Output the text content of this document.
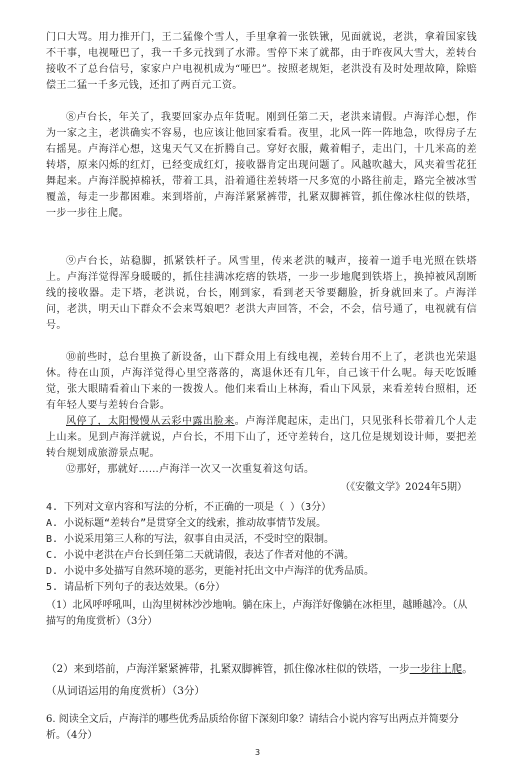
门口大骂。用力推开门，王二猛像个雪人，手里拿着一张铁锹，见面就说，老洪，拿着国家钱不干事，电视哑巴了，我一千多元找到了水滞。雪停下来了就都，由于昨夜风大雪大，差转台接收不了总台信号，家家户户电视机成为“哑巴”。按照老规矩，老洪没有及时处理故障，除赔偿王二猛一千多元钱，还扣了两百元工资。

⑧卢台长，年关了，我要回家办点年货呢。刚到任第二天，老洪来请假。卢海洋心想，作为一家之主，老洪确实不容易，也应该让他回家看看。夜里，北风一阵一阵地急，吹得房子左右摇晃。卢海洋心想，这鬼天气又在折腾自己。穿好衣服，戴着帽子，走出门，十几米高的差转塔，原来闪烁的红灯，已经变成红灯，接收器肯定出现问题了。风越吹越大，风夹着雪花狂舞起来。卢海洋脱掉棉袄，带着工具，沿着通往差转塔一尺多宽的小路往前走，路完全被冰雪覆盖，每走一步都困难。来到塔前，卢海洋紧紧裤带，扎紧双脚裤管，抓住像冰柱似的铁塔，一步一步往上爬。

⑨卢台长，站稳脚，抓紧铁杆子。风雪里，传来老洪的喊声，接着一道手电光照在铁塔上。卢海洋觉得浑身暖暖的，抓住挂满冰疙瘩的铁塔，一步一步地爬到铁塔上，换掉被风刮断线的接收器。走下塔，老洪说，台长，刚到家，看到老天爷要翻脸，折身就回来了。卢海洋问，老洪，明天山下群众不会来骂娘吧？老洪大声回答，不会，不会，信号通了，电视就有信号。

⑩前些时，总台里换了新设备，山下群众用上有线电视，差转台用不上了，老洪也光荣退休。待在山顶，卢海洋觉得心里空落落的，离退休还有几年，自己该干什么呢。每天吃饭睡觉，张大眼睛看着山下来的一拨拨人。他们来看山上林海，看山下风景，来看差转台照相，还有年轻人要与差转台合影。

风停了，太阳慢慢从云彩中露出脸来。卢海洋爬起床，走出门，只见张科长带着几个人走上山来。见到卢海洋就说，卢台长，不用下山了，还守差转台，这几位是规划设计师，要把差转台规划成旅游景点呢。

⑫那好，那就好……卢海洋一次又一次重复着这句话。

（《安徽文学》2024年5期）

4. 下列对文章内容和写法的分析，不正确的一项是（ ）（3分）

A. 小说标题“差转台”是贯穿全文的线索，推动故事情节发展。

B. 小说采用第三人称的写法，叙事自由灵活，不受时空的限制。

C. 小说中老洪在卢台长到任第二天就请假，表达了作者对他的不满。

D. 小说中多处描写自然环境的恶劣，更能衬托出文中卢海洋的优秀品质。

5. 请品析下列句子的表达效果。（6分）

（1）北风呼呼吼叫，山沟里树林沙沙地响。躺在床上，卢海洋好像躺在冰柜里，越睡越冷。（从描写的角度赏析）（3分）

（2）来到塔前，卢海洋紧紧裤带，扎紧双脚裤管，抓住像冰柱似的铁塔，一步一步往上爬。（从词语运用的角度赏析）（3分）

6. 阅读全文后，卢海洋的哪些优秀品质给你留下深刻印象？请结合小说内容写出两点并简要分析。（4分）

3
